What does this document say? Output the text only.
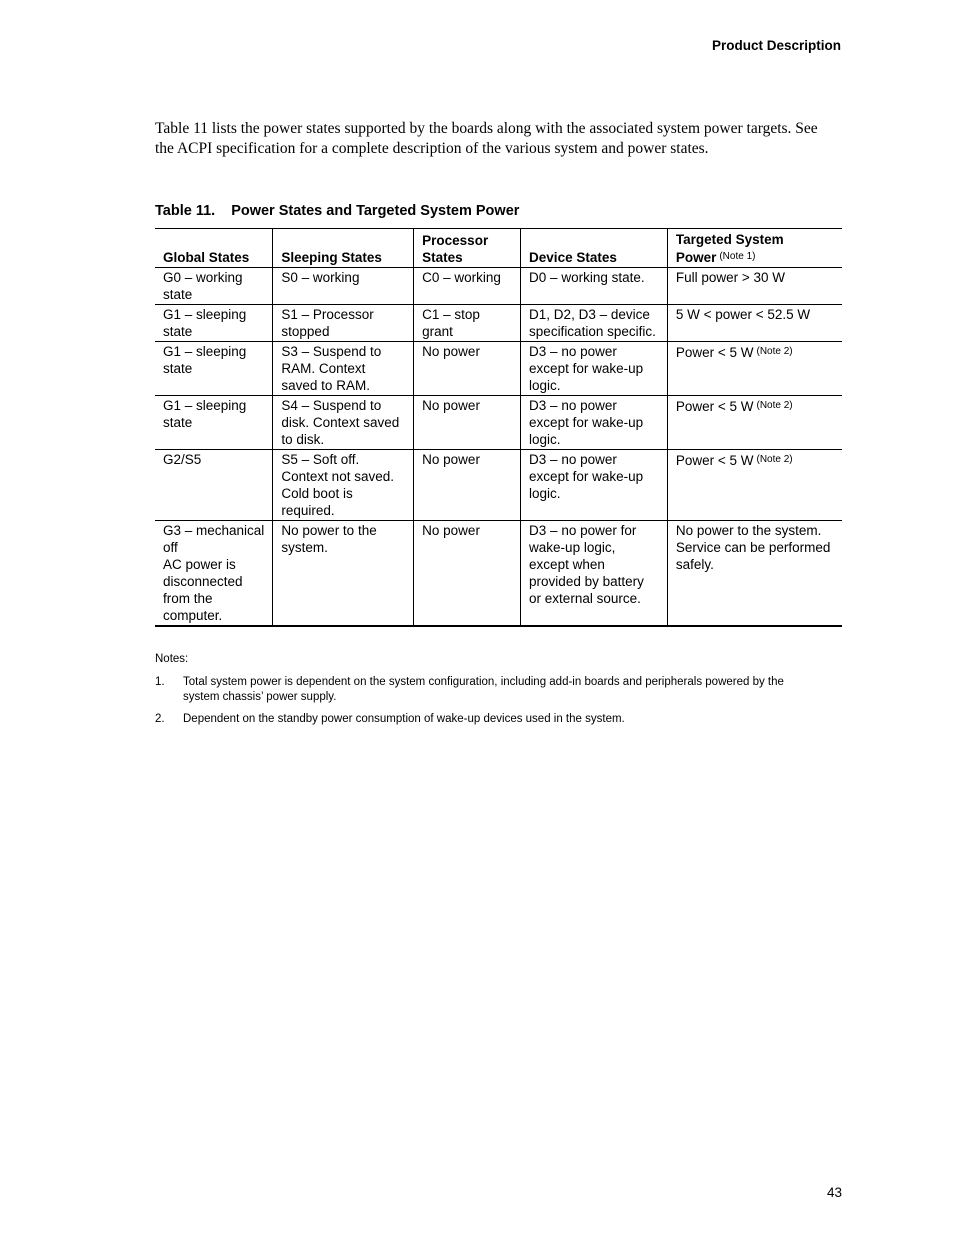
Product Description

Table 11 lists the power states supported by the boards along with the associated system power targets. See the ACPI specification for a complete description of the various system and power states.

Table 11. Power States and Targeted System Power
Global States	Sleeping States	Processor States	Device States	Targeted System Power $^{(Note 1)}$
G0 – working state	S0 – working	C0 – working	D0 – working state.	Full power > 30 W
G1 – sleeping state	S1 – Processor stopped	C1 – stop grant	D1, D2, D3 – device specification specific.	5 W < power < 52.5 W
G1 – sleeping state	S3 – Suspend to RAM. Context saved to RAM.	No power	D3 – no power except for wake-up logic.	Power < 5 W $^{(Note 2)}$
G1 – sleeping state	S4 – Suspend to disk. Context saved to disk.	No power	D3 – no power except for wake-up logic.	Power < 5 W $^{(Note 2)}$
G2/S5	S5 – Soft off. Context not saved. Cold boot is required.	No power	D3 – no power except for wake-up logic.	Power < 5 W $^{(Note 2)}$

G3 – mechanical off
AC power is disconnected from the computer.	No power to the system.	No power	D3 – no power for wake-up logic, except when provided by battery or external source.	No power to the system. Service can be performed safely.
Notes:
1.	Total system power is dependent on the system configuration, including add-in boards and peripherals powered by the system chassis’ power supply.
2.	Dependent on the standby power consumption of wake-up devices used in the system.
43
